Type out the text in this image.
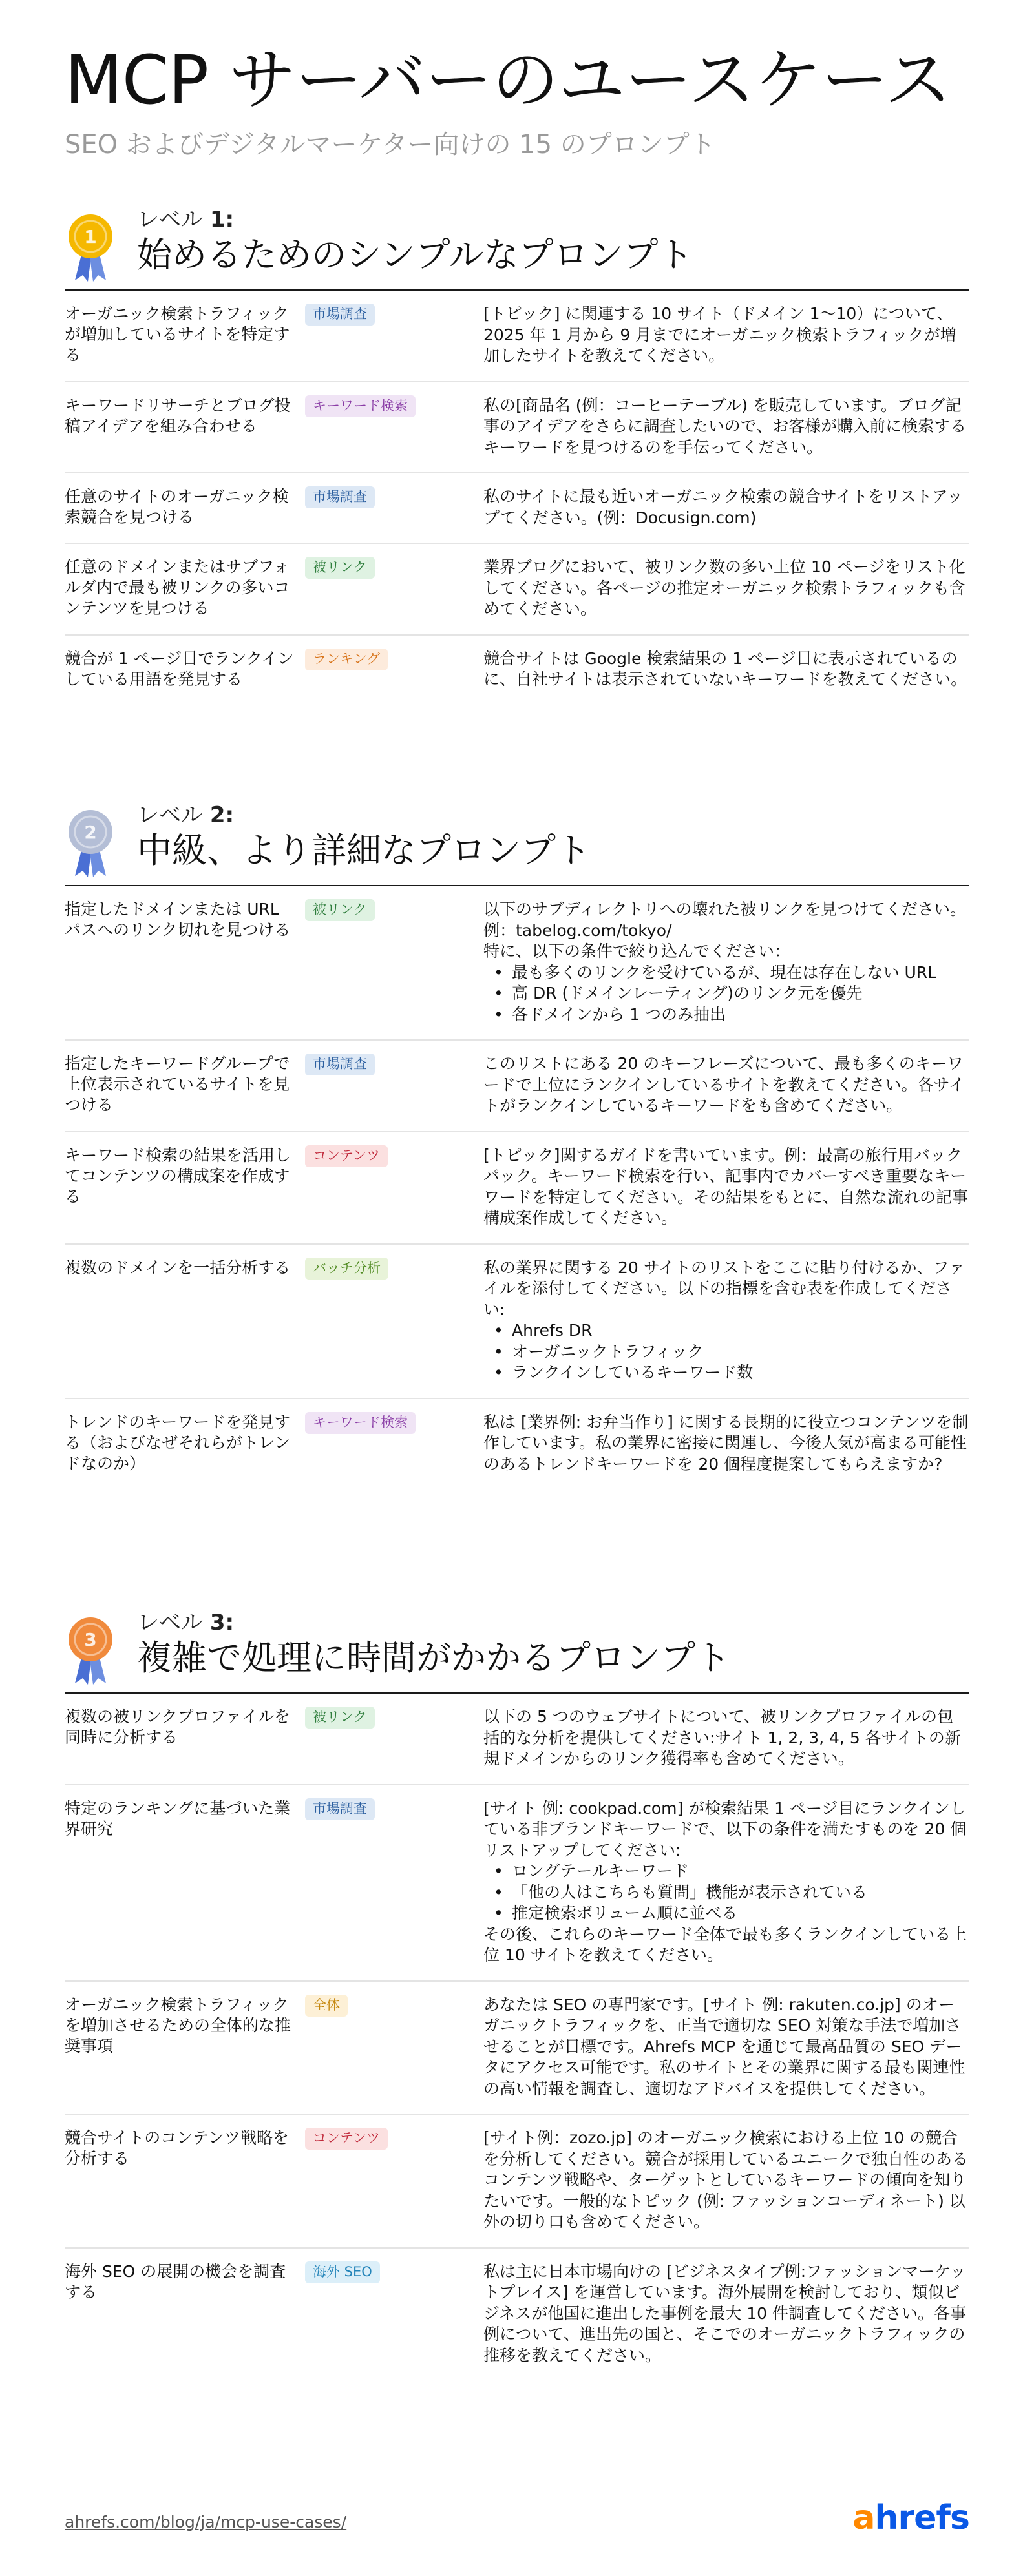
MCP サーバーのユースケース
SEO およびデジタルマーケター向けの 15 のプロンプト
1
レベル 1:
始めるためのシンプルなプロンプト
オーガニック検索トラフィックが増加しているサイトを特定する
市場調査	[トピック] に関連する 10 サイト（ドメイン 1～10）について、2025 年 1 月から 9 月までにオーガニック検索トラフィックが増加したサイトを教えてください。
キーワードリサーチとブログ投稿アイデアを組み合わせる
キーワード検索	私の[商品名 (例：コーヒーテーブル) を販売しています。ブログ記事のアイデアをさらに調査したいので、お客様が購入前に検索するキーワードを見つけるのを手伝ってください。
任意のサイトのオーガニック検索競合を見つける
市場調査	私のサイトに最も近いオーガニック検索の競合サイトをリストアップてください。(例：Docusign.com)
任意のドメインまたはサブフォルダ内で最も被リンクの多いコンテンツを見つける
被リンク	業界ブログにおいて、被リンク数の多い上位 10 ページをリスト化してください。各ページの推定オーガニック検索トラフィックも含めてください。
競合が 1 ページ目でランクインしている用語を発見する
ランキング	競合サイトは Google 検索結果の 1 ページ目に表示されているのに、自社サイトは表示されていないキーワードを教えてください。
2
レベル 2:
中級、より詳細なプロンプト
指定したドメインまたは URL パスへのリンク切れを見つける
被リンク	以下のサブディレクトリへの壊れた被リンクを見つけてください。例：tabelog.com/tokyo/
特に、以下の条件で絞り込んでください：
• 最も多くのリンクを受けているが、現在は存在しない URL
• 高 DR (ドメインレーティング)のリンク元を優先
• 各ドメインから 1 つのみ抽出
指定したキーワードグループで上位表示されているサイトを見つける
市場調査	このリストにある 20 のキーフレーズについて、最も多くのキーワードで上位にランクインしているサイトを教えてください。各サイトがランクインしているキーワードをも含めてください。
キーワード検索の結果を活用してコンテンツの構成案を作成する
コンテンツ	[トピック]関するガイドを書いています。例：最高の旅行用バックパック。キーワード検索を行い、記事内でカバーすべき重要なキーワードを特定してください。その結果をもとに、自然な流れの記事構成案作成してください。
複数のドメインを一括分析する	バッチ分析	私の業界に関する 20 サイトのリストをここに貼り付けるか、ファイルを添付してください。以下の指標を含む表を作成してください:
• Ahrefs DR
• オーガニックトラフィック
• ランクインしているキーワード数
トレンドのキーワードを発見する（およびなぜそれらがトレンドなのか）
キーワード検索	私は [業界例: お弁当作り] に関する長期的に役立つコンテンツを制作しています。私の業界に密接に関連し、今後人気が高まる可能性のあるトレンドキーワードを 20 個程度提案してもらえますか?
3
レベル 3:
複雑で処理に時間がかかるプロンプト
複数の被リンクプロファイルを同時に分析する
被リンク	以下の 5 つのウェブサイトについて、被リンクプロファイルの包括的な分析を提供してください:サイト 1, 2, 3, 4, 5 各サイトの新規ドメインからのリンク獲得率も含めてください。
特定のランキングに基づいた業界研究
市場調査	[サイト 例: cookpad.com] が検索結果 1 ページ目にランクインしている非ブランドキーワードで、以下の条件を満たすものを 20 個リストアップしてください:
• ロングテールキーワード
• 「他の人はこちらも質問」機能が表示されている
• 推定検索ボリューム順に並べる
その後、これらのキーワード全体で最も多くランクインしている上位 10 サイトを教えてください。
オーガニック検索トラフィックを増加させるための全体的な推奨事項
全体	あなたは SEO の専門家です。[サイト 例: rakuten.co.jp] のオーガニックトラフィックを、正当で適切な SEO 対策な手法で増加させることが目標です。Ahrefs MCP を通じて最高品質の SEO データにアクセス可能です。私のサイトとその業界に関する最も関連性の高い情報を調査し、適切なアドバイスを提供してください。
競合サイトのコンテンツ戦略を分析する
コンテンツ	[サイト例：zozo.jp] のオーガニック検索における上位 10 の競合を分析してください。競合が採用しているユニークで独自性のあるコンテンツ戦略や、ターゲットとしているキーワードの傾向を知りたいです。一般的なトピック (例: ファッションコーディネート) 以外の切り口も含めてください。
海外 SEO の展開の機会を調査する
海外 SEO	私は主に日本市場向けの [ビジネスタイプ例:ファッションマーケットプレイス] を運営しています。海外展開を検討しており、類似ビジネスが他国に進出した事例を最大 10 件調査してください。各事例について、進出先の国と、そこでのオーガニックトラフィックの推移を教えてください。
ahrefs.com/blog/ja/mcp-use-cases/	ahrefs
